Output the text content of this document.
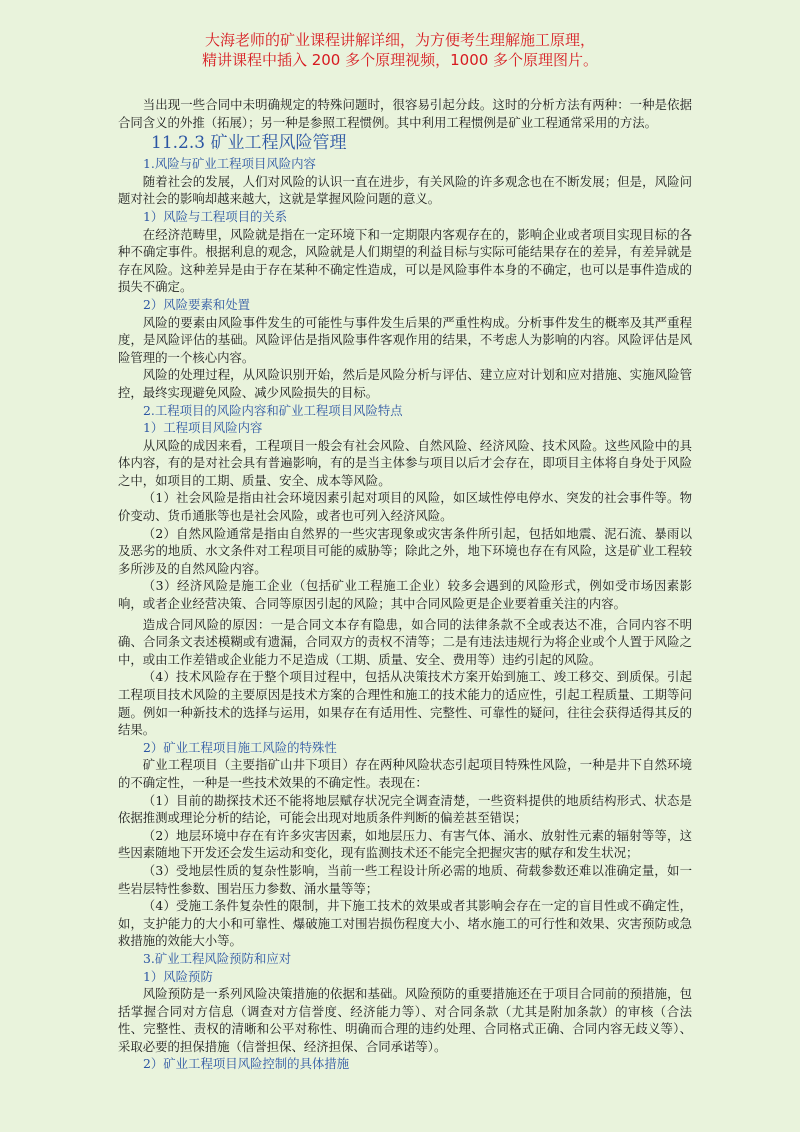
大海老师的矿业课程讲解详细，为方便考生理解施工原理，
精讲课程中插入 200 多个原理视频，1000 多个原理图片。

当出现一些合同中未明确规定的特殊问题时，很容易引起分歧。这时的分析方法有两种：一种是依据合同含义的外推（拓展）；另一种是参照工程惯例。其中利用工程惯例是矿业工程通常采用的方法。

11.2.3 矿业工程风险管理

1.风险与矿业工程项目风险内容

随着社会的发展，人们对风险的认识一直在进步，有关风险的许多观念也在不断发展；但是，风险问题对社会的影响却越来越大，这就是掌握风险问题的意义。

1）风险与工程项目的关系

在经济范畴里，风险就是指在一定环境下和一定期限内客观存在的，影响企业或者项目实现目标的各种不确定事件。根据利息的观念，风险就是人们期望的利益目标与实际可能结果存在的差异，有差异就是存在风险。这种差异是由于存在某种不确定性造成，可以是风险事件本身的不确定，也可以是事件造成的损失不确定。

2）风险要素和处置

风险的要素由风险事件发生的可能性与事件发生后果的严重性构成。分析事件发生的概率及其严重程度，是风险评估的基础。风险评估是指风险事件客观作用的结果，不考虑人为影响的内容。风险评估是风险管理的一个核心内容。

风险的处理过程，从风险识别开始，然后是风险分析与评估、建立应对计划和应对措施、实施风险管控，最终实现避免风险、减少风险损失的目标。

2.工程项目的风险内容和矿业工程项目风险特点

1）工程项目风险内容

从风险的成因来看，工程项目一般会有社会风险、自然风险、经济风险、技术风险。这些风险中的具体内容，有的是对社会具有普遍影响，有的是当主体参与项目以后才会存在，即项目主体将自身处于风险之中，如项目的工期、质量、安全、成本等风险。

（1）社会风险是指由社会环境因素引起对项目的风险，如区域性停电停水、突发的社会事件等。物价变动、货币通胀等也是社会风险，或者也可列入经济风险。

（2）自然风险通常是指由自然界的一些灾害现象或灾害条件所引起，包括如地震、泥石流、暴雨以及恶劣的地质、水文条件对工程项目可能的威胁等；除此之外，地下环境也存在有风险，这是矿业工程较多所涉及的自然风险内容。

（3）经济风险是施工企业（包括矿业工程施工企业）较多会遇到的风险形式，例如受市场因素影响，或者企业经营决策、合同等原因引起的风险；其中合同风险更是企业要着重关注的内容。

造成合同风险的原因：一是合同文本存有隐患，如合同的法律条款不全或表达不准，合同内容不明确、合同条文表述模糊或有遗漏，合同双方的责权不清等；二是有违法违规行为将企业或个人置于风险之中，或由工作差错或企业能力不足造成（工期、质量、安全、费用等）违约引起的风险。

（4）技术风险存在于整个项目过程中，包括从决策技术方案开始到施工、竣工移交、到质保。引起工程项目技术风险的主要原因是技术方案的合理性和施工的技术能力的适应性，引起工程质量、工期等问题。例如一种新技术的选择与运用，如果存在有适用性、完整性、可靠性的疑问，往往会获得适得其反的结果。

2）矿业工程项目施工风险的特殊性

矿业工程项目（主要指矿山井下项目）存在两种风险状态引起项目特殊性风险，一种是井下自然环境的不确定性，一种是一些技术效果的不确定性。表现在：

（1）目前的勘探技术还不能将地层赋存状况完全调查清楚，一些资料提供的地质结构形式、状态是依据推测或理论分析的结论，可能会出现对地质条件判断的偏差甚至错误；

（2）地层环境中存在有许多灾害因素，如地层压力、有害气体、涌水、放射性元素的辐射等等，这些因素随地下开发还会发生运动和变化，现有监测技术还不能完全把握灾害的赋存和发生状况；

（3）受地层性质的复杂性影响，当前一些工程设计所必需的地质、荷载参数还难以准确定量，如一些岩层特性参数、围岩压力参数、涌水量等等；

（4）受施工条件复杂性的限制，井下施工技术的效果或者其影响会存在一定的盲目性或不确定性，如，支护能力的大小和可靠性、爆破施工对围岩损伤程度大小、堵水施工的可行性和效果、灾害预防或急救措施的效能大小等。

3.矿业工程风险预防和应对

1）风险预防

风险预防是一系列风险决策措施的依据和基础。风险预防的重要措施还在于项目合同前的预措施，包括掌握合同对方信息（调查对方信誉度、经济能力等）、对合同条款（尤其是附加条款）的审核（合法性、完整性、责权的清晰和公平对称性、明确而合理的违约处理、合同格式正确、合同内容无歧义等）、采取必要的担保措施（信誉担保、经济担保、合同承诺等）。

2）矿业工程项目风险控制的具体措施
